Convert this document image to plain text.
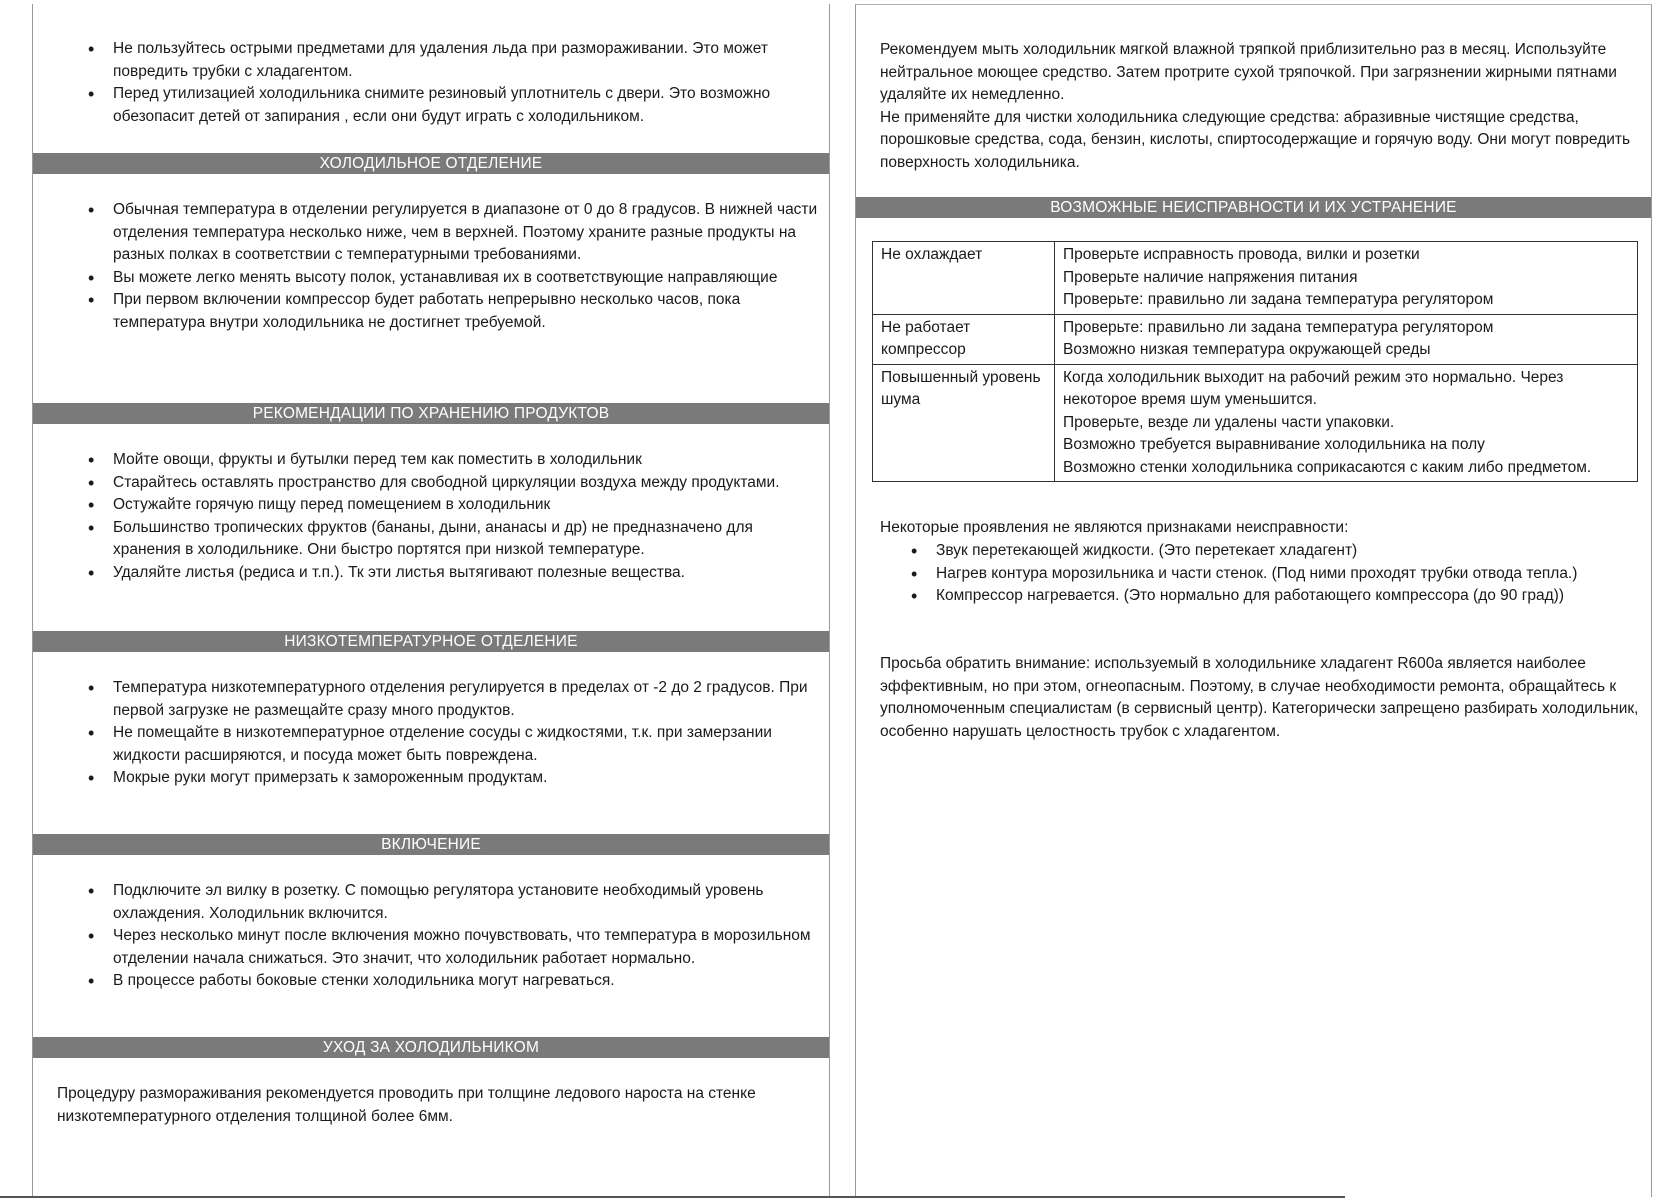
• Не пользуйтесь острыми предметами для удаления льда при размораживании. Это может повредить трубки с хладагентом.
• Перед утилизацией холодильника снимите резиновый уплотнитель с двери. Это возможно обезопасит детей от запирания , если они будут играть с холодильником.
ХОЛОДИЛЬНОЕ ОТДЕЛЕНИЕ
• Обычная температура в отделении регулируется в диапазоне от 0 до 8 градусов. В нижней части отделения температура несколько ниже, чем в верхней. Поэтому храните разные продукты на разных полках в соответствии с температурными требованиями.
• Вы можете легко менять высоту полок, устанавливая их в соответствующие направляющие
• При первом включении компрессор будет работать непрерывно несколько часов, пока температура внутри холодильника не достигнет требуемой.
РЕКОМЕНДАЦИИ ПО ХРАНЕНИЮ ПРОДУКТОВ
• Мойте овощи, фрукты и бутылки перед тем как поместить в холодильник
• Старайтесь оставлять пространство для свободной циркуляции воздуха между продуктами.
• Остужайте горячую пищу перед помещением в холодильник
• Большинство тропических фруктов (бананы, дыни, ананасы и др) не предназначено для хранения в холодильнике. Они быстро портятся при низкой температуре.
• Удаляйте листья (редиса и т.п.). Тк эти листья вытягивают полезные вещества.
НИЗКОТЕМПЕРАТУРНОЕ ОТДЕЛЕНИЕ
• Температура низкотемпературного отделения регулируется в пределах от -2 до 2 градусов. При первой загрузке не размещайте сразу много продуктов.
• Не помещайте в низкотемпературное отделение сосуды с жидкостями, т.к. при замерзании жидкости расширяются, и посуда может быть повреждена.
• Мокрые руки могут примерзать к замороженным продуктам.
ВКЛЮЧЕНИЕ
• Подключите эл вилку в розетку. С помощью регулятора установите необходимый уровень охлаждения. Холодильник включится.
• Через несколько минут после включения можно почувствовать, что температура в морозильном отделении начала снижаться. Это значит, что холодильник работает нормально.
• В процессе работы боковые стенки холодильника могут нагреваться.
УХОД ЗА ХОЛОДИЛЬНИКОМ
Процедуру размораживания рекомендуется проводить при толщине ледового нароста на стенке низкотемпературного отделения толщиной более 6мм.
Рекомендуем мыть холодильник мягкой влажной тряпкой приблизительно раз в месяц. Используйте нейтральное моющее средство. Затем протрите сухой тряпочкой. При загрязнении жирными пятнами удаляйте их немедленно.
Не применяйте для чистки холодильника следующие средства: абразивные чистящие средства, порошковые средства, сода, бензин, кислоты, спиртосодержащие и горячую воду. Они могут повредить поверхность холодильника.
ВОЗМОЖНЫЕ НЕИСПРАВНОСТИ И ИХ УСТРАНЕНИЕ
Не охлаждает	Проверьте исправность провода, вилки и розетки
Проверьте наличие напряжения питания
Проверьте: правильно ли задана температура регулятором

Не работает компрессор	Проверьте: правильно ли задана температура регулятором
Возможно низкая температура окружающей среды

Повышенный уровень шума	Когда холодильник выходит на рабочий режим это нормально. Через некоторое время шум уменьшится.
Проверьте, везде ли удалены части упаковки.
Возможно требуется выравнивание холодильника на полу
Возможно стенки холодильника соприкасаются с каким либо предметом.
Некоторые проявления не являются признаками неисправности:
• Звук перетекающей жидкости. (Это перетекает хладагент)
• Нагрев контура морозильника и части стенок. (Под ними проходят трубки отвода тепла.)
• Компрессор нагревается. (Это нормально для работающего компрессора (до 90 град))
Просьба обратить внимание: используемый в холодильнике хладагент R600a является наиболее эффективным, но при этом, огнеопасным. Поэтому, в случае необходимости ремонта, обращайтесь к уполномоченным специалистам (в сервисный центр). Категорически запрещено разбирать холодильник, особенно нарушать целостность трубок с хладагентом.
